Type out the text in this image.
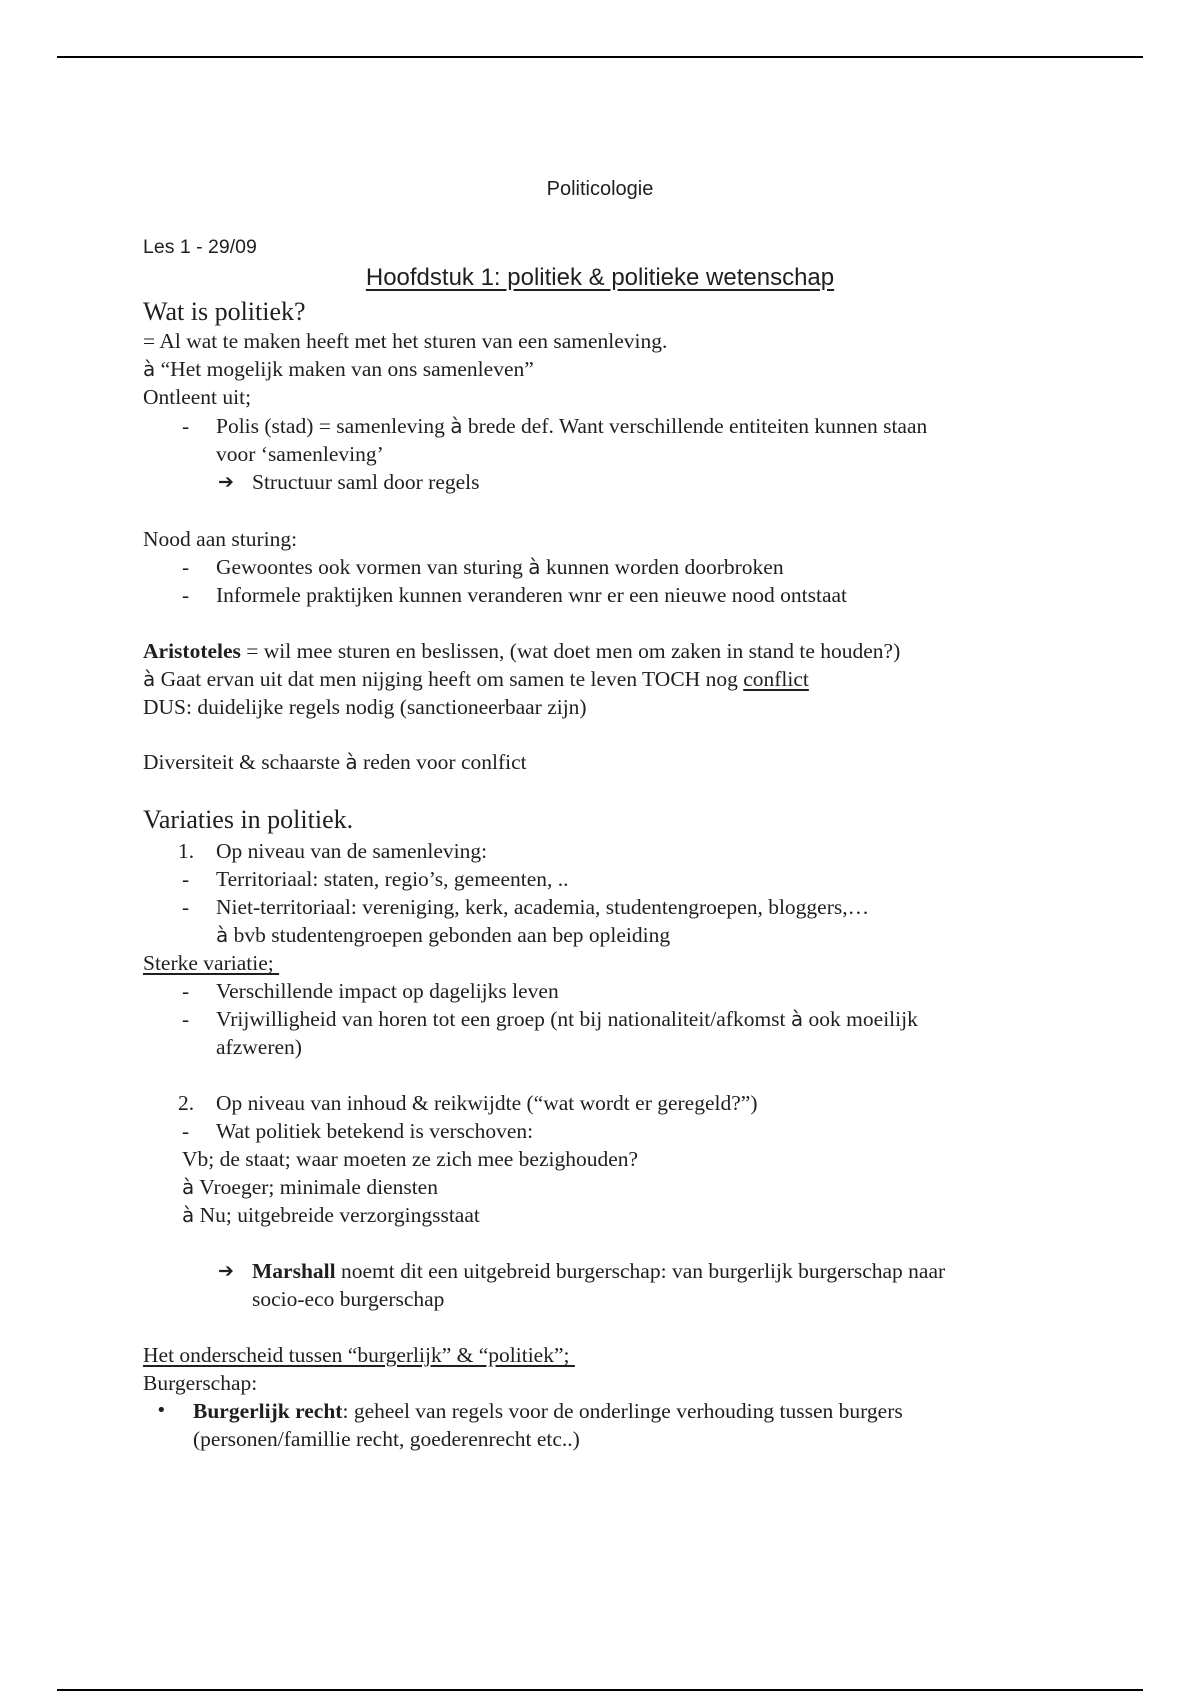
Politicologie
Les 1 - 29/09
Hoofdstuk 1: politiek & politieke wetenschap
Wat is politiek?
= Al wat te maken heeft met het sturen van een samenleving.
à “Het mogelijk maken van ons samenleven”
Ontleent uit;
- Polis (stad) = samenleving à brede def. Want verschillende entiteiten kunnen staan
voor ‘samenleving’
➔ Structuur saml door regels
Nood aan sturing:
- Gewoontes ook vormen van sturing à kunnen worden doorbroken
- Informele praktijken kunnen veranderen wnr er een nieuwe nood ontstaat
Aristoteles = wil mee sturen en beslissen, (wat doet men om zaken in stand te houden?)
à Gaat ervan uit dat men nijging heeft om samen te leven TOCH nog conflict
DUS: duidelijke regels nodig (sanctioneerbaar zijn)
Diversiteit & schaarste à reden voor conlfict
Variaties in politiek.
1. Op niveau van de samenleving:
- Territoriaal: staten, regio’s, gemeenten, ..
- Niet-territoriaal: vereniging, kerk, academia, studentengroepen, bloggers,…
à bvb studentengroepen gebonden aan bep opleiding
Sterke variatie;
- Verschillende impact op dagelijks leven
- Vrijwilligheid van horen tot een groep (nt bij nationaliteit/afkomst à ook moeilijk
afzweren)
2. Op niveau van inhoud & reikwijdte (“wat wordt er geregeld?”)
- Wat politiek betekend is verschoven:
Vb; de staat; waar moeten ze zich mee bezighouden?
à Vroeger; minimale diensten
à Nu; uitgebreide verzorgingsstaat
➔ Marshall noemt dit een uitgebreid burgerschap: van burgerlijk burgerschap naar
socio-eco burgerschap
Het onderscheid tussen “burgerlijk” & “politiek”;
Burgerschap:
• Burgerlijk recht: geheel van regels voor de onderlinge verhouding tussen burgers
(personen/famillie recht, goederenrecht etc..)
